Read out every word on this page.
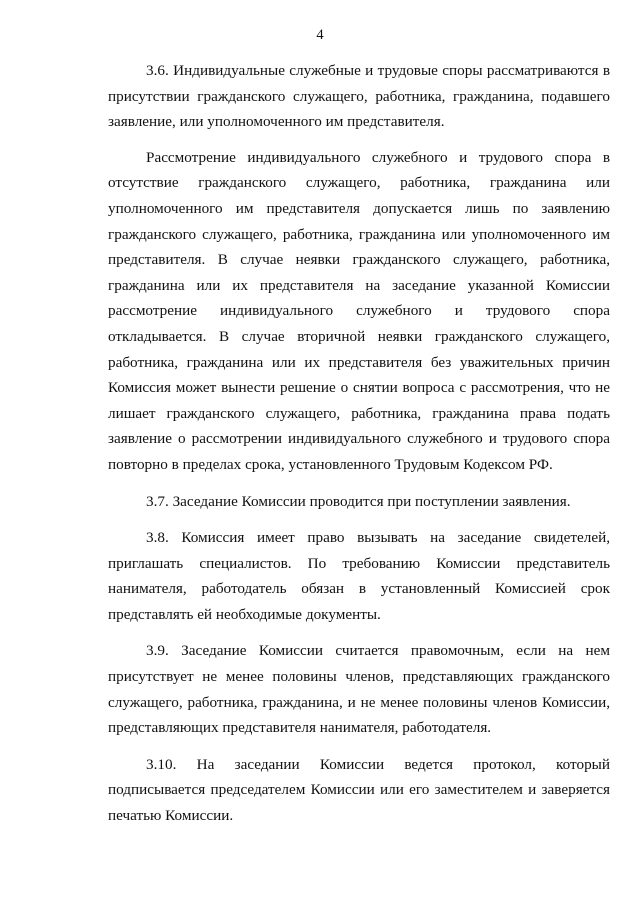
4

3.6. Индивидуальные служебные и трудовые споры рассматриваются в присутствии гражданского служащего, работника, гражданина, подавшего заявление, или уполномоченного им представителя.

Рассмотрение индивидуального служебного и трудового спора в отсутствие гражданского служащего, работника, гражданина или уполномоченного им представителя допускается лишь по заявлению гражданского служащего, работника, гражданина или уполномоченного им представителя. В случае неявки гражданского служащего, работника, гражданина или их представителя на заседание указанной Комиссии рассмотрение индивидуального служебного и трудового спора откладывается. В случае вторичной неявки гражданского служащего, работника, гражданина или их представителя без уважительных причин Комиссия может вынести решение о снятии вопроса с рассмотрения, что не лишает гражданского служащего, работника, гражданина права подать заявление о рассмотрении индивидуального служебного и трудового спора повторно в пределах срока, установленного Трудовым Кодексом РФ.

3.7. Заседание Комиссии проводится при поступлении заявления.

3.8. Комиссия имеет право вызывать на заседание свидетелей, приглашать специалистов. По требованию Комиссии представитель нанимателя, работодатель обязан в установленный Комиссией срок представлять ей необходимые документы.

3.9. Заседание Комиссии считается правомочным, если на нем присутствует не менее половины членов, представляющих гражданского служащего, работника, гражданина, и не менее половины членов Комиссии, представляющих представителя нанимателя, работодателя.

3.10. На заседании Комиссии ведется протокол, который подписывается председателем Комиссии или его заместителем и заверяется печатью Комиссии.
